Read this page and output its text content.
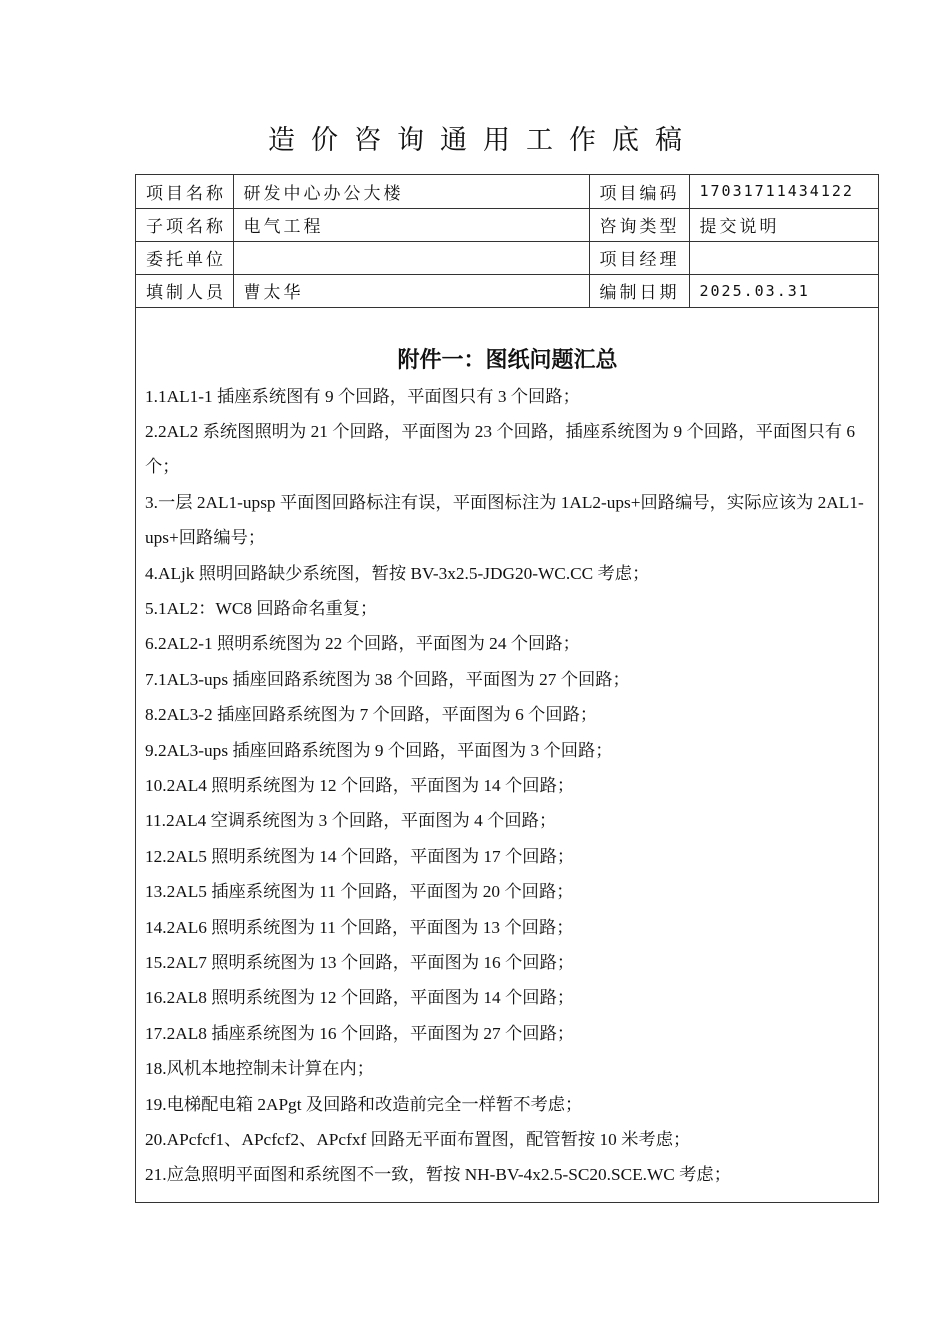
造价咨询通用工作底稿
项目名称	研发中心办公大楼	项目编码	17031711434122
子项名称	电气工程	咨询类型	提交说明
委托单位		项目经理	
填制人员	曹太华	编制日期	2025.03.31
附件一：图纸问题汇总
1.1AL1-1 插座系统图有 9 个回路，平面图只有 3 个回路；
2.2AL2 系统图照明为 21 个回路，平面图为 23 个回路，插座系统图为 9 个回路，平面图只有 6 个；
3.一层 2AL1-upsp 平面图回路标注有误，平面图标注为 1AL2-ups+回路编号，实际应该为 2AL1-ups+回路编号；
4.ALjk 照明回路缺少系统图，暂按 BV-3x2.5-JDG20-WC.CC 考虑；
5.1AL2：WC8 回路命名重复；
6.2AL2-1 照明系统图为 22 个回路，平面图为 24 个回路；
7.1AL3-ups 插座回路系统图为 38 个回路，平面图为 27 个回路；
8.2AL3-2 插座回路系统图为 7 个回路，平面图为 6 个回路；
9.2AL3-ups 插座回路系统图为 9 个回路，平面图为 3 个回路；
10.2AL4 照明系统图为 12 个回路，平面图为 14 个回路；
11.2AL4 空调系统图为 3 个回路，平面图为 4 个回路；
12.2AL5 照明系统图为 14 个回路，平面图为 17 个回路；
13.2AL5 插座系统图为 11 个回路，平面图为 20 个回路；
14.2AL6 照明系统图为 11 个回路，平面图为 13 个回路；
15.2AL7 照明系统图为 13 个回路，平面图为 16 个回路；
16.2AL8 照明系统图为 12 个回路，平面图为 14 个回路；
17.2AL8 插座系统图为 16 个回路，平面图为 27 个回路；
18.风机本地控制未计算在内；
19.电梯配电箱 2APgt 及回路和改造前完全一样暂不考虑；
20.APcfcf1、APcfcf2、APcfxf 回路无平面布置图，配管暂按 10 米考虑；
21.应急照明平面图和系统图不一致，暂按 NH-BV-4x2.5-SC20.SCE.WC 考虑；
